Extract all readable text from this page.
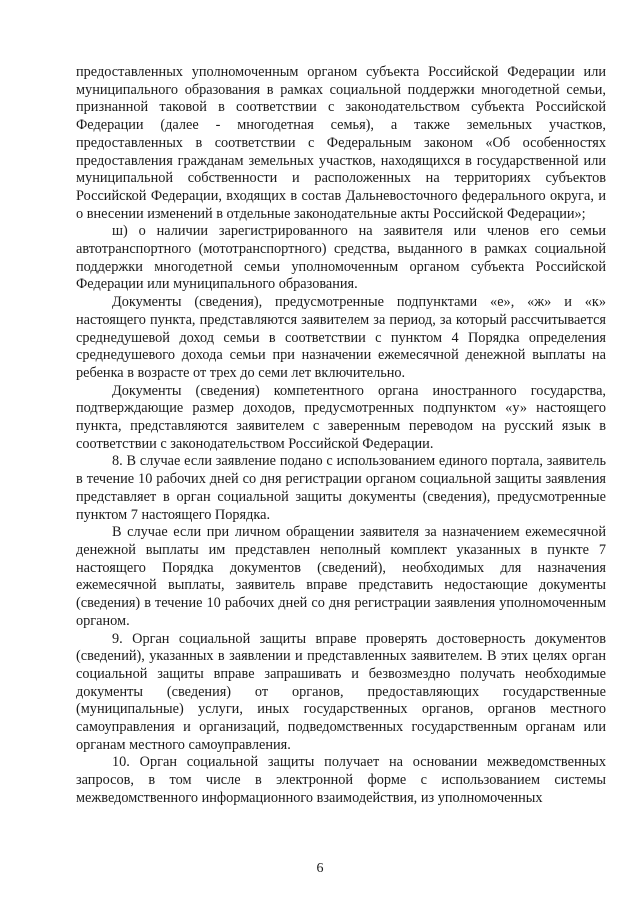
предоставленных уполномоченным органом субъекта Российской Федерации или муниципального образования в рамках социальной поддержки многодетной семьи, признанной таковой в соответствии с законодательством субъекта Российской Федерации (далее - многодетная семья), а также земельных участков, предоставленных в соответствии с Федеральным законом «Об особенностях предоставления гражданам земельных участков, находящихся в государственной или муниципальной собственности и расположенных на территориях субъектов Российской Федерации, входящих в состав Дальневосточного федерального округа, и о внесении изменений в отдельные законодательные акты Российской Федерации»;

ш) о наличии зарегистрированного на заявителя или членов его семьи автотранспортного (мототранспортного) средства, выданного в рамках социальной поддержки многодетной семьи уполномоченным органом субъекта Российской Федерации или муниципального образования.

Документы (сведения), предусмотренные подпунктами «е», «ж» и «к» настоящего пункта, представляются заявителем за период, за который рассчитывается среднедушевой доход семьи в соответствии с пунктом 4 Порядка определения среднедушевого дохода семьи при назначении ежемесячной денежной выплаты на ребенка в возрасте от трех до семи лет включительно.

Документы (сведения) компетентного органа иностранного государства, подтверждающие размер доходов, предусмотренных подпунктом «у» настоящего пункта, представляются заявителем с заверенным переводом на русский язык в соответствии с законодательством Российской Федерации.

8. В случае если заявление подано с использованием единого портала, заявитель в течение 10 рабочих дней со дня регистрации органом социальной защиты заявления представляет в орган социальной защиты документы (сведения), предусмотренные пунктом 7 настоящего Порядка.

В случае если при личном обращении заявителя за назначением ежемесячной денежной выплаты им представлен неполный комплект указанных в пункте 7 настоящего Порядка документов (сведений), необходимых для назначения ежемесячной выплаты, заявитель вправе представить недостающие документы (сведения) в течение 10 рабочих дней со дня регистрации заявления уполномоченным органом.

9. Орган социальной защиты вправе проверять достоверность документов (сведений), указанных в заявлении и представленных заявителем. В этих целях орган социальной защиты вправе запрашивать и безвозмездно получать необходимые документы (сведения) от органов, предоставляющих государственные (муниципальные) услуги, иных государственных органов, органов местного самоуправления и организаций, подведомственных государственным органам или органам местного самоуправления.

10. Орган социальной защиты получает на основании межведомственных запросов, в том числе в электронной форме с использованием системы межведомственного информационного взаимодействия, из уполномоченных

6
